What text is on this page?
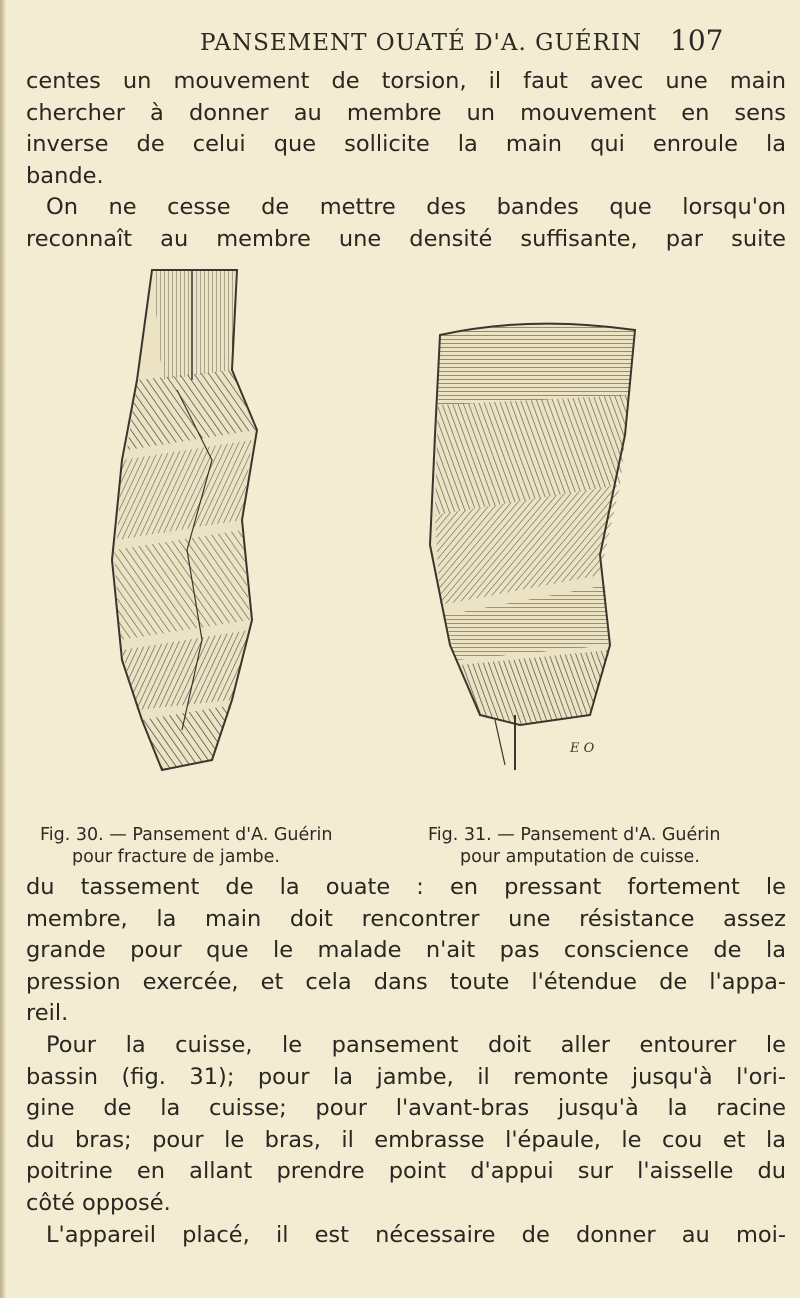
PANSEMENT OUATÉ D'A. GUÉRIN 107

centes un mouvement de torsion, il faut avec une main
chercher à donner au membre un mouvement en sens
inverse de celui que sollicite la main qui enroule la
bande.
On ne cesse de mettre des bandes que lorsqu'on
reconnaît au membre une densité suffisante, par suite

E O
Fig. 30. — Pansement d'A. Guérin
pour fracture de jambe.
Fig. 31. — Pansement d'A. Guérin
pour amputation de cuisse.

du tassement de la ouate : en pressant fortement le
membre, la main doit rencontrer une résistance assez
grande pour que le malade n'ait pas conscience de la
pression exercée, et cela dans toute l'étendue de l'appa-
reil.
Pour la cuisse, le pansement doit aller entourer le
bassin (fig. 31); pour la jambe, il remonte jusqu'à l'ori-
gine de la cuisse; pour l'avant-bras jusqu'à la racine
du bras; pour le bras, il embrasse l'épaule, le cou et la
poitrine en allant prendre point d'appui sur l'aisselle du
côté opposé.
L'appareil placé, il est nécessaire de donner au moi-
